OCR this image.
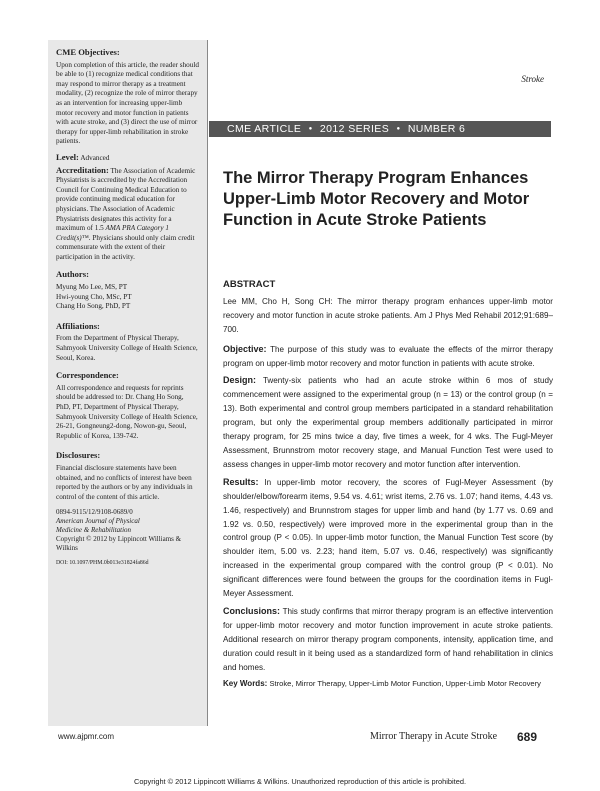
CME Objectives:

Upon completion of this article, the reader should be able to (1) recognize medical conditions that may respond to mirror therapy as a treatment modality, (2) recognize the role of mirror therapy as an intervention for increasing upper-limb motor recovery and motor function in patients with acute stroke, and (3) direct the use of mirror therapy for upper-limb rehabilitation in stroke patients.

Level: Advanced
Accreditation: The Association of Academic Physiatrists is accredited by the Accreditation Council for Continuing Medical Education to provide continuing medical education for physicians. The Association of Academic Physiatrists designates this activity for a maximum of 1.5 AMA PRA Category 1 Credit(s)™. Physicians should only claim credit commensurate with the extent of their participation in the activity.
Authors:
Myung Mo Lee, MS, PT
Hwi-young Cho, MSc, PT
Chang Ho Song, PhD, PT
Affiliations:

From the Department of Physical Therapy, Sahmyook University College of Health Science, Seoul, Korea.

Correspondence:

All correspondence and requests for reprints should be addressed to: Dr. Chang Ho Song, PhD, PT, Department of Physical Therapy, Sahmyook University College of Health Science, 26-21, Gongneung2-dong, Nowon-gu, Seoul, Republic of Korea, 139-742.

Disclosures:

Financial disclosure statements have been obtained, and no conflicts of interest have been reported by the authors or by any individuals in control of the content of this article.

0894-9115/12/9108-0689/0
American Journal of Physical
Medicine & Rehabilitation
Copyright © 2012 by Lippincott Williams & Wilkins
DOI: 10.1097/PHM.0b013e31824fa86d
Stroke
CME ARTICLE ● 2012 SERIES ● NUMBER 6
The Mirror Therapy Program Enhances Upper-Limb Motor Recovery and Motor Function in Acute Stroke Patients
ABSTRACT

Lee MM, Cho H, Song CH: The mirror therapy program enhances upper-limb motor recovery and motor function in acute stroke patients. Am J Phys Med Rehabil 2012;91:689–700.

Objective: The purpose of this study was to evaluate the effects of the mirror therapy program on upper-limb motor recovery and motor function in patients with acute stroke.

Design: Twenty-six patients who had an acute stroke within 6 mos of study commencement were assigned to the experimental group (n = 13) or the control group (n = 13). Both experimental and control group members participated in a standard rehabilitation program, but only the experimental group members additionally participated in mirror therapy program, for 25 mins twice a day, five times a week, for 4 wks. The Fugl-Meyer Assessment, Brunnstrom motor recovery stage, and Manual Function Test were used to assess changes in upper-limb motor recovery and motor function after intervention.

Results: In upper-limb motor recovery, the scores of Fugl-Meyer Assessment (by shoulder/elbow/forearm items, 9.54 vs. 4.61; wrist items, 2.76 vs. 1.07; hand items, 4.43 vs. 1.46, respectively) and Brunnstrom stages for upper limb and hand (by 1.77 vs. 0.69 and 1.92 vs. 0.50, respectively) were improved more in the experimental group than in the control group (P < 0.05). In upper-limb motor function, the Manual Function Test score (by shoulder item, 5.00 vs. 2.23; hand item, 5.07 vs. 0.46, respectively) was significantly increased in the experimental group compared with the control group (P < 0.01). No significant differences were found between the groups for the coordination items in Fugl-Meyer Assessment.

Conclusions: This study confirms that mirror therapy program is an effective intervention for upper-limb motor recovery and motor function improvement in acute stroke patients. Additional research on mirror therapy program components, intensity, application time, and duration could result in it being used as a standardized form of hand rehabilitation in clinics and homes.

Key Words: Stroke, Mirror Therapy, Upper-Limb Motor Function, Upper-Limb Motor Recovery

www.ajpmr.com	Mirror Therapy in Acute Stroke 689
Copyright © 2012 Lippincott Williams & Wilkins. Unauthorized reproduction of this article is prohibited.
